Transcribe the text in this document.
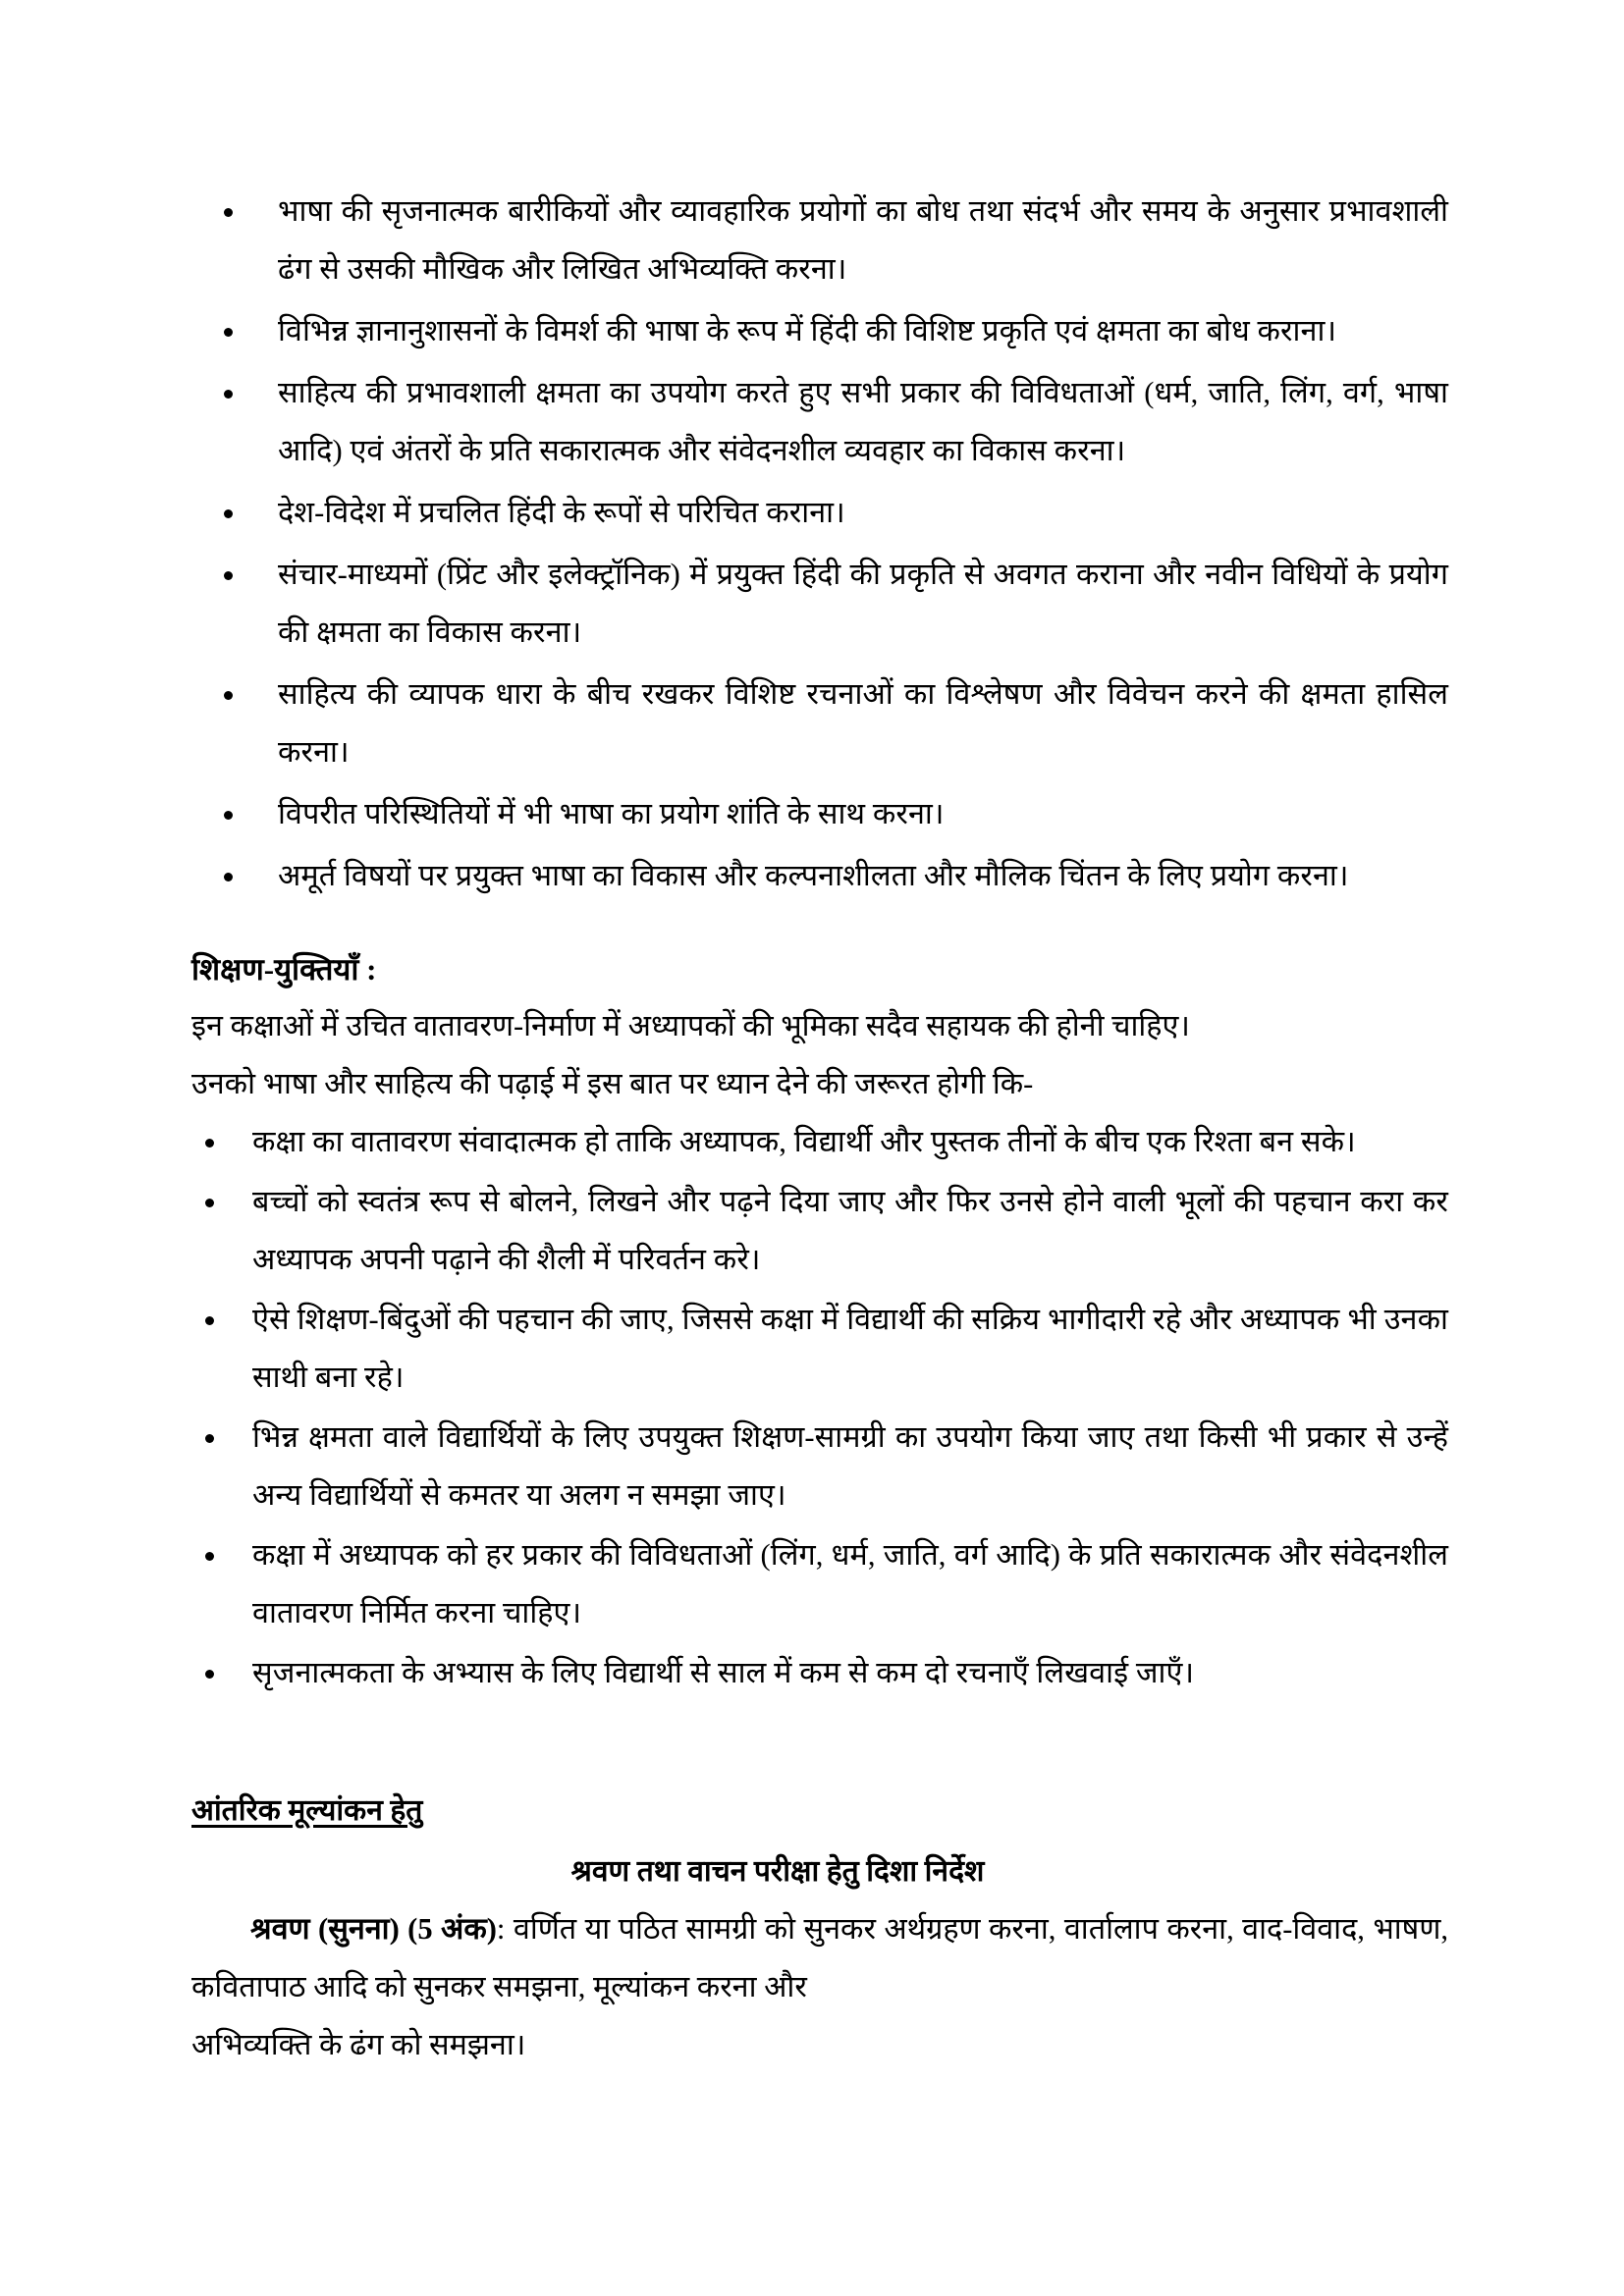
भाषा की सृजनात्मक बारीकियों और व्यावहारिक प्रयोगों का बोध तथा संदर्भ और समय के अनुसार प्रभावशाली ढंग से उसकी मौखिक और लिखित अभिव्यक्ति करना।
विभिन्न ज्ञानानुशासनों के विमर्श की भाषा के रूप में हिंदी की विशिष्ट प्रकृति एवं क्षमता का बोध कराना।
साहित्य की प्रभावशाली क्षमता का उपयोग करते हुए सभी प्रकार की विविधताओं (धर्म, जाति, लिंग, वर्ग, भाषा आदि) एवं अंतरों के प्रति सकारात्मक और संवेदनशील व्यवहार का विकास करना।
देश-विदेश में प्रचलित हिंदी के रूपों से परिचित कराना।
संचार-माध्यमों (प्रिंट और इलेक्ट्रॉनिक) में प्रयुक्त हिंदी की प्रकृति से अवगत कराना और नवीन विधियों के प्रयोग की क्षमता का विकास करना।
साहित्य की व्यापक धारा के बीच रखकर विशिष्ट रचनाओं का विश्लेषण और विवेचन करने की क्षमता हासिल करना।
विपरीत परिस्थितियों में भी भाषा का प्रयोग शांति के साथ करना।
अमूर्त विषयों पर प्रयुक्त भाषा का विकास और कल्पनाशीलता और मौलिक चिंतन के लिए प्रयोग करना।
शिक्षण-युक्तियाँ :

इन कक्षाओं में उचित वातावरण-निर्माण में अध्यापकों की भूमिका सदैव सहायक की होनी चाहिए।
उनको भाषा और साहित्य की पढ़ाई में इस बात पर ध्यान देने की जरूरत होगी कि-

कक्षा का वातावरण संवादात्मक हो ताकि अध्यापक, विद्यार्थी और पुस्तक तीनों के बीच एक रिश्ता बन सके।
बच्चों को स्वतंत्र रूप से बोलने, लिखने और पढ़ने दिया जाए और फिर उनसे होने वाली भूलों की पहचान करा कर अध्यापक अपनी पढ़ाने की शैली में परिवर्तन करे।
ऐसे शिक्षण-बिंदुओं की पहचान की जाए, जिससे कक्षा में विद्यार्थी की सक्रिय भागीदारी रहे और अध्यापक भी उनका साथी बना रहे।
भिन्न क्षमता वाले विद्यार्थियों के लिए उपयुक्त शिक्षण-सामग्री का उपयोग किया जाए तथा किसी भी प्रकार से उन्हें अन्य विद्यार्थियों से कमतर या अलग न समझा जाए।
कक्षा में अध्यापक को हर प्रकार की विविधताओं (लिंग, धर्म, जाति, वर्ग आदि) के प्रति सकारात्मक और संवेदनशील वातावरण निर्मित करना चाहिए।
सृजनात्मकता के अभ्यास के लिए विद्यार्थी से साल में कम से कम दो रचनाएँ लिखवाई जाएँ।
आंतरिक मूल्यांकन हेतु
श्रवण तथा वाचन परीक्षा हेतु दिशा निर्देश

श्रवण (सुनना) (5 अंक): वर्णित या पठित सामग्री को सुनकर अर्थग्रहण करना, वार्तालाप करना, वाद-विवाद, भाषण, कवितापाठ आदि को सुनकर समझना, मूल्यांकन करना और
अभिव्यक्ति के ढंग को समझना।
